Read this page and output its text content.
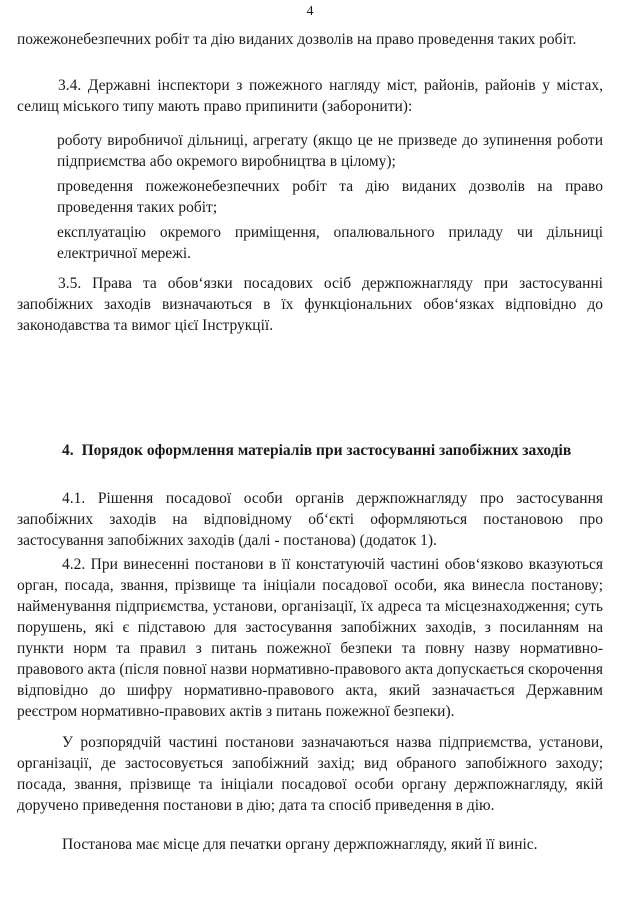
4

пожежонебезпечних робіт та дію виданих дозволів на право проведення таких робіт.

3.4. Державні інспектори з пожежного нагляду міст, районів, районів у містах, селищ міського типу мають право припинити (заборонити):

роботу виробничої дільниці, агрегату (якщо це не призведе до зупинення роботи підприємства або окремого виробництва в цілому);

проведення пожежонебезпечних робіт та дію виданих дозволів на право проведення таких робіт;

експлуатацію окремого приміщення, опалювального приладу чи дільниці електричної мережі.

3.5. Права та обов‘язки посадових осіб держпожнагляду при застосуванні запобіжних заходів визначаються в їх функціональних обов‘язках відповідно до законодавства та вимог цієї Інструкції.

4. Порядок оформлення матеріалів при застосуванні запобіжних заходів

4.1. Рішення посадової особи органів держпожнагляду про застосування запобіжних заходів на відповідному об‘єкті оформляються постановою про застосування запобіжних заходів (далі - постанова) (додаток 1).

4.2. При винесенні постанови в її констатуючій частині обов‘язково вказуються орган, посада, звання, прізвище та ініціали посадової особи, яка винесла постанову; найменування підприємства, установи, організації, їх адреса та місцезнаходження; суть порушень, які є підставою для застосування запобіжних заходів, з посиланням на пункти норм та правил з питань пожежної безпеки та повну назву нормативно-правового акта (після повної назви нормативно-правового акта допускається скорочення відповідно до шифру нормативно-правового акта, який зазначається Державним реєстром нормативно-правових актів з питань пожежної безпеки).

У розпорядчій частині постанови зазначаються назва підприємства, установи, організації, де застосовується запобіжний захід; вид обраного запобіжного заходу; посада, звання, прізвище та ініціали посадової особи органу держпожнагляду, якій доручено приведення постанови в дію; дата та спосіб приведення в дію.

Постанова має місце для печатки органу держпожнагляду, який її виніс.
